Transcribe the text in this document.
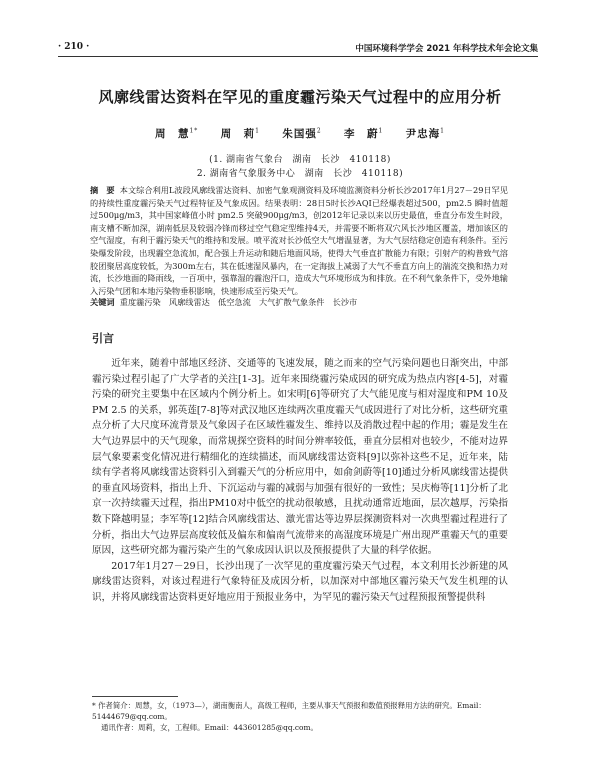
· 210 ·	中国环境科学学会 2021 年科学技术年会论文集
风廓线雷达资料在罕见的重度霾污染天气过程中的应用分析
周　慧$^{1*}$ 周　莉$^1$ 朱国强$^2$ 李　蔚$^1$ 尹忠海$^1$
(1. 湖南省气象台　湖南　长沙　410118)
2. 湖南省气象服务中心　湖南　长沙　410118)
摘　要 本文综合利用L波段风廓线雷达资料、加密气象观测资料及环境监测资料分析长沙2017年1月27－29日罕见的持续性重度霾污染天气过程特征及气象成因。结果表明：28日5时长沙AQI已经爆表超过500，pm2.5 瞬时值超过500μg/m3，其中国家峰值小时 pm2.5 突破900μg/m3，创2012年记录以来以历史最值，垂直分布发生时段，南支槽不断加深，湖南低层及较弱冷锋而移过空气稳定型维持4天，并需要不断将双穴风长沙地区覆盖，增加该区的空气湿度，有利于霾污染天气的维持和发展。喷平流对长沙低空大气增温显著，为大气层结稳定创造有利条件。至污染爆发阶段，出现霾空急流加，配合强上升运动和随后地面风场，使得大气垂直扩散能力有限；引射产的构普致气溶胶团聚居高度较低，为300m左右，其在低速湿风暴内，在一定海拔上减弱了大气不垂直方向上的湍流交换和热力对流，长沙地面的降雨线，一百项中，强靠湿的霾泡汗口，造成大气环境形成为和排放。在不利气象条件下，受外地输入污染气团和本地污染物垂积影响，快速形成至污染天气。
关键词 重度霾污染　风廓线雷达　低空急流　大气扩散气象条件　长沙市
引言

近年来，随着中部地区经济、交通等的飞速发展，随之而来的空气污染问题也日渐突出，中部霾污染过程引起了广大学者的关注[1-3]。近年来围绕霾污染成因的研究成为热点内容[4-5]，对霾污染的研究主要集中在区域内个例分析上。如宋明[6]等研究了大气能见度与相对湿度和PM 10及PM 2.5 的关系，郭英莲[7-8]等对武汉地区连续两次重度霾天气成因进行了对比分析，这些研究重点分析了大尺度环流背景及气象因子在区域性霾发生、维持以及消散过程中起的作用；霾是发生在大气边界层中的天气现象，而常规探空资料的时间分辨率较低，垂直分层相对也较少，不能对边界层气象要素变化情况进行精细化的连续描述，而风廓线雷达资料[9]以弥补这些不足，近年来，陆续有学者将风廓线雷达资料引入到霾天气的分析应用中，如俞剑蔚等[10]通过分析风廓线雷达提供的垂直风场资料，指出上升、下沉运动与霾的减弱与加强有很好的一致性；吴庆梅等[11]分析了北京一次持续霾天过程，指出PM10对中低空的扰动很敏感，且扰动通常近地面，层次越厚，污染指数下降越明显；李军等[12]结合风廓线雷达、激光雷达等边界层探测资料对一次典型霾过程进行了分析，指出大气边界层高度较低及偏东和偏南气流带来的高湿度环境是广州出现严重霾天气的重要原因，这些研究都为霾污染产生的气象成因认识以及预报提供了大量的科学依据。

2017年1月27－29日，长沙出现了一次罕见的重度霾污染天气过程，本文利用长沙新建的风廓线雷达资料，对该过程进行气象特征及成因分析，以加深对中部地区霾污染天气发生机理的认识，并将风廓线雷达资料更好地应用于预报业务中，为罕见的霾污染天气过程预报预警提供科

* 作者简介：周慧，女，（1973—），湖南衡南人，高级工程师，主要从事天气预报和数值预报释用方法的研究。Email：51444679@qq.com。

通讯作者：周莉，女，工程师。Email：443601285@qq.com。
